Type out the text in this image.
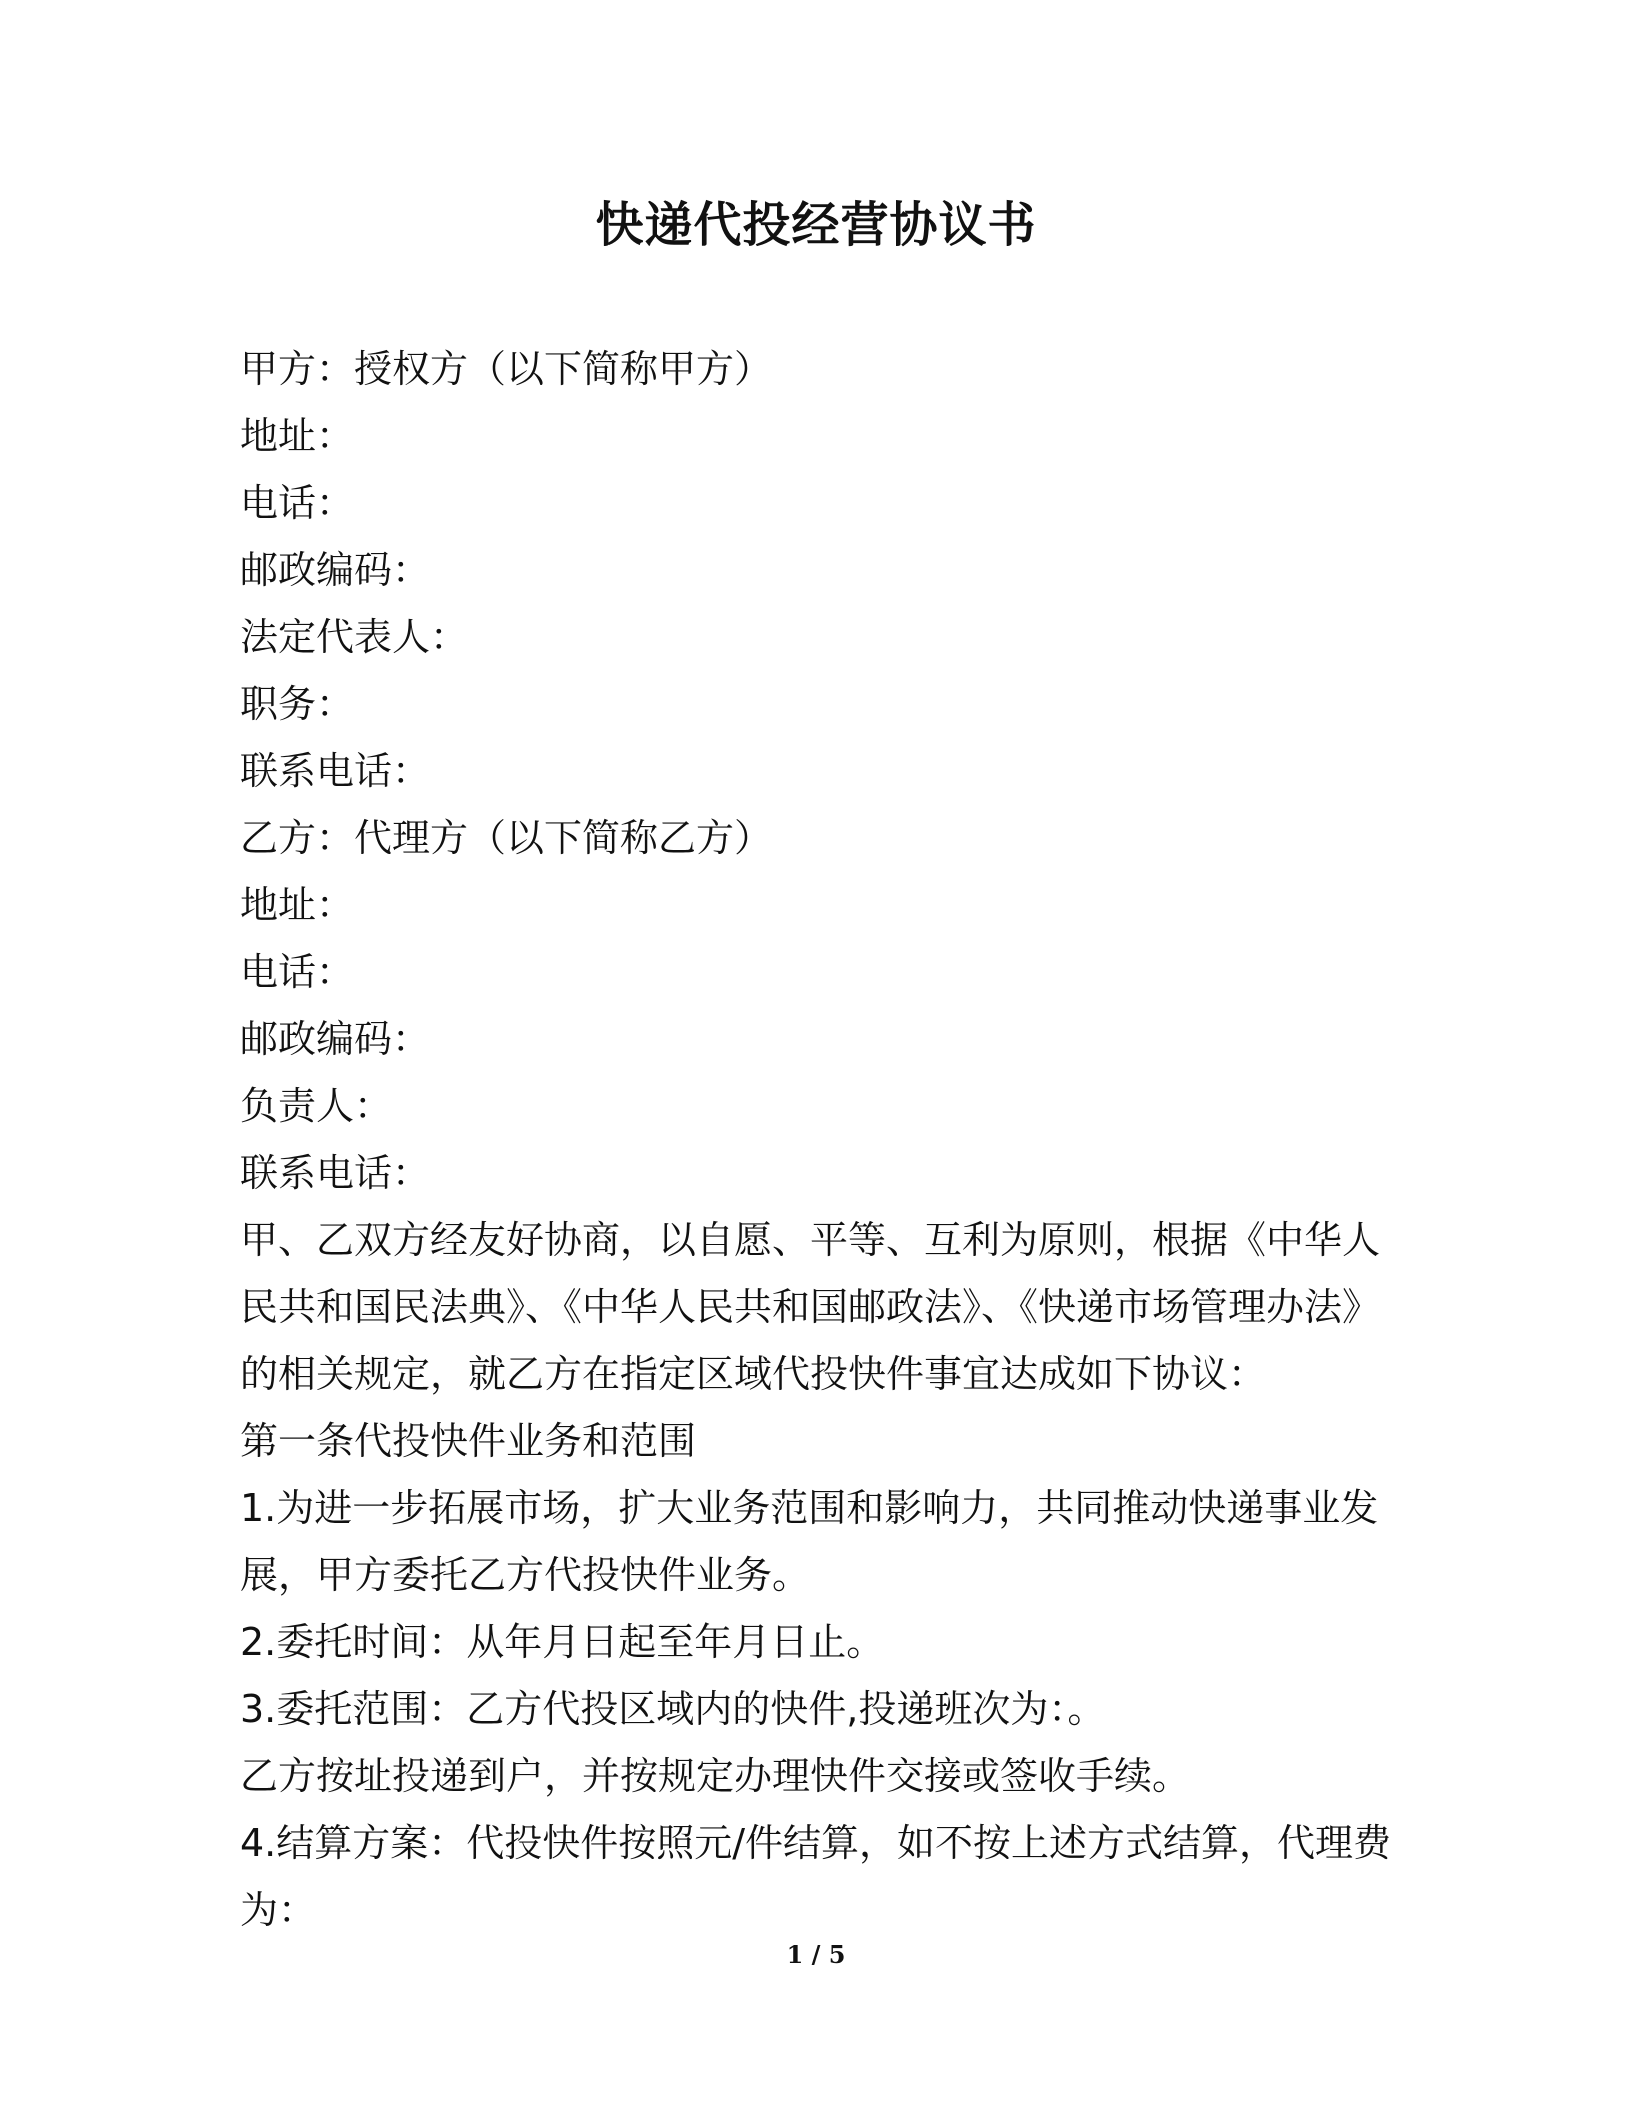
快递代投经营协议书

甲方：授权方（以下简称甲方）

地址：

电话：

邮政编码：

法定代表人：

职务：

联系电话：

乙方：代理方（以下简称乙方）

地址：

电话：

邮政编码：

负责人：

联系电话：

甲、乙双方经友好协商，以自愿、平等、互利为原则，根据《中华人民共和国民法典》、《中华人民共和国邮政法》、《快递市场管理办法》的相关规定，就乙方在指定区域代投快件事宜达成如下协议：

第一条代投快件业务和范围

1.为进一步拓展市场，扩大业务范围和影响力，共同推动快递事业发展，甲方委托乙方代投快件业务。

2.委托时间：从年月日起至年月日止。

3.委托范围：乙方代投区域内的快件,投递班次为：。

乙方按址投递到户，并按规定办理快件交接或签收手续。

4.结算方案：代投快件按照元/件结算，如不按上述方式结算，代理费为：

1 / 5
